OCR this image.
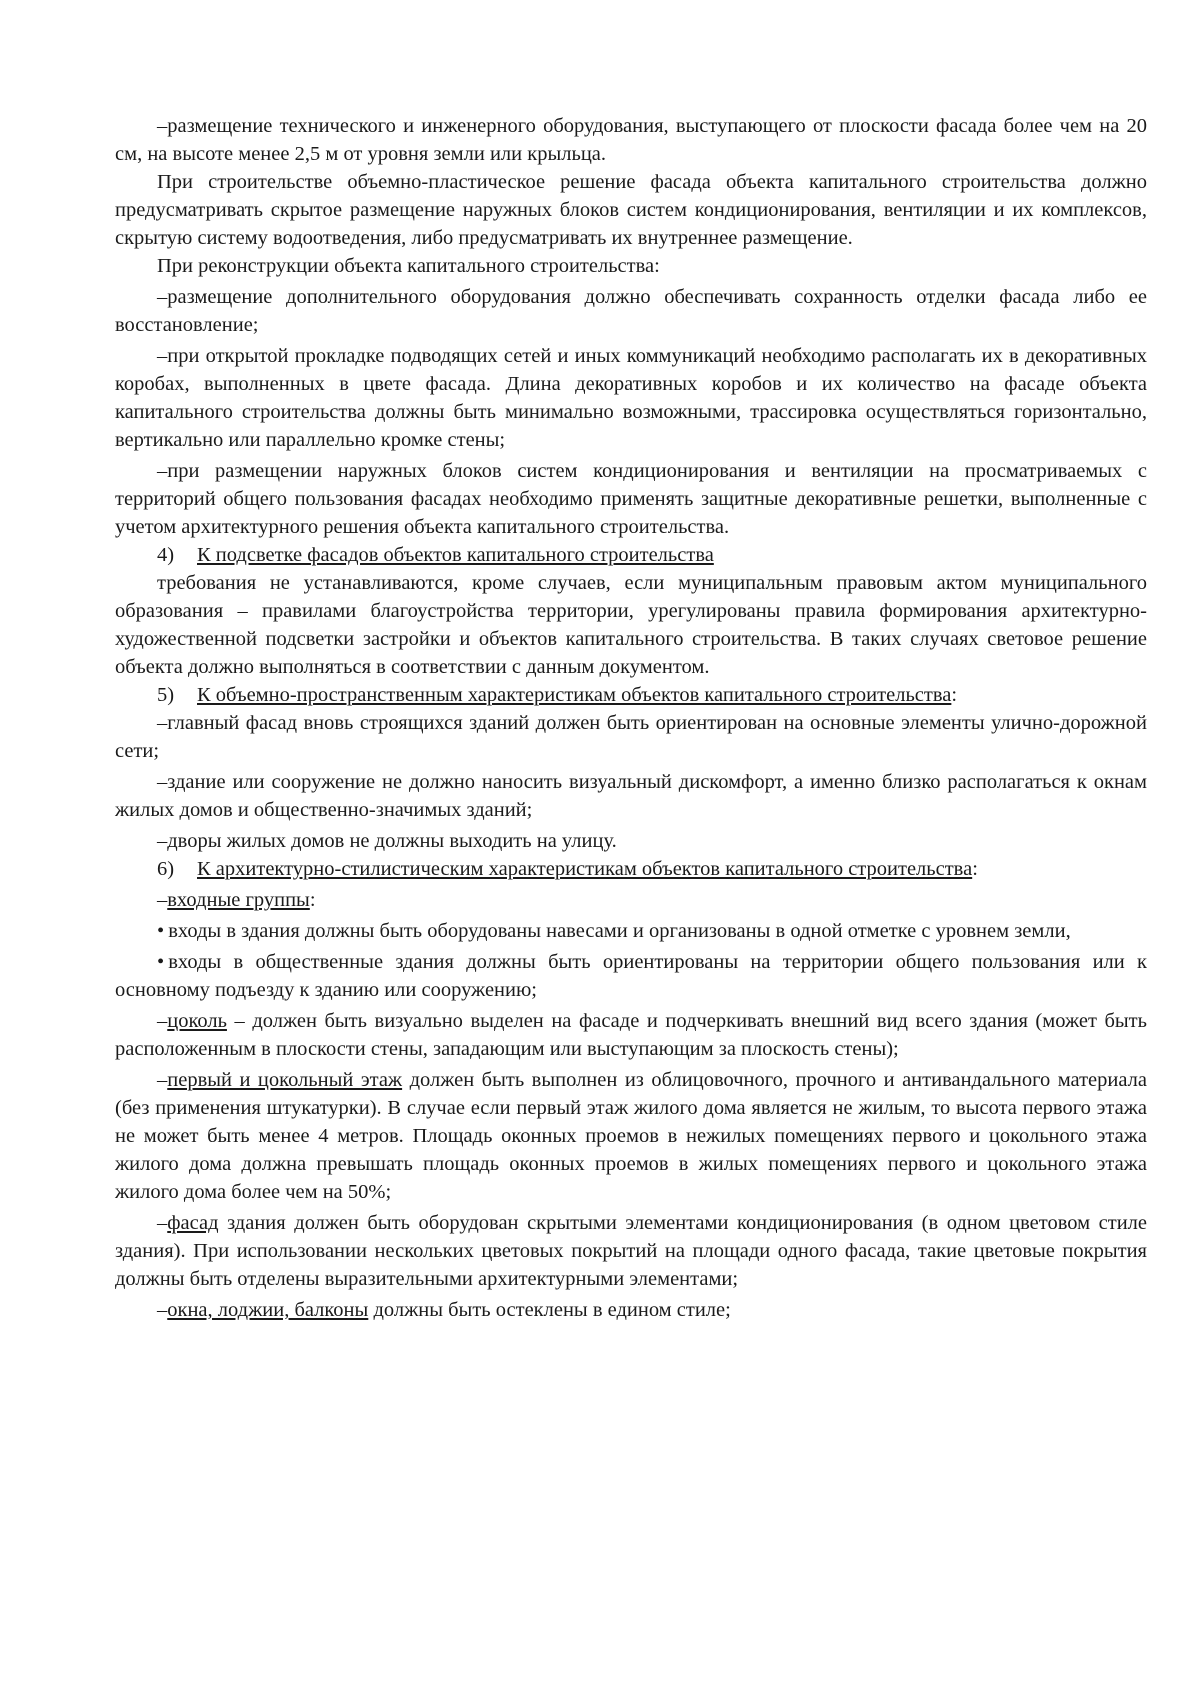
–размещение технического и инженерного оборудования, выступающего от плоскости фасада более чем на 20 см, на высоте менее 2,5 м от уровня земли или крыльца.

При строительстве объемно-пластическое решение фасада объекта капитального строительства должно предусматривать скрытое размещение наружных блоков систем кондиционирования, вентиляции и их комплексов, скрытую систему водоотведения, либо предусматривать их внутреннее размещение.

При реконструкции объекта капитального строительства:

–размещение дополнительного оборудования должно обеспечивать сохранность отделки фасада либо ее восстановление;

–при открытой прокладке подводящих сетей и иных коммуникаций необходимо располагать их в декоративных коробах, выполненных в цвете фасада. Длина декоративных коробов и их количество на фасаде объекта капитального строительства должны быть минимально возможными, трассировка осуществляться горизонтально, вертикально или параллельно кромке стены;

–при размещении наружных блоков систем кондиционирования и вентиляции на просматриваемых с территорий общего пользования фасадах необходимо применять защитные декоративные решетки, выполненные с учетом архитектурного решения объекта капитального строительства.

4) К подсветке фасадов объектов капитального строительства

требования не устанавливаются, кроме случаев, если муниципальным правовым актом муниципального образования – правилами благоустройства территории, урегулированы правила формирования архитектурно-художественной подсветки застройки и объектов капитального строительства. В таких случаях световое решение объекта должно выполняться в соответствии с данным документом.

5) К объемно-пространственным характеристикам объектов капитального строительства:

–главный фасад вновь строящихся зданий должен быть ориентирован на основные элементы улично-дорожной сети;

–здание или сооружение не должно наносить визуальный дискомфорт, а именно близко располагаться к окнам жилых домов и общественно-значимых зданий;

–дворы жилых домов не должны выходить на улицу.

6) К архитектурно-стилистическим характеристикам объектов капитального строительства:

–входные группы:

• входы в здания должны быть оборудованы навесами и организованы в одной отметке с уровнем земли,

• входы в общественные здания должны быть ориентированы на территории общего пользования или к основному подъезду к зданию или сооружению;

–цоколь – должен быть визуально выделен на фасаде и подчеркивать внешний вид всего здания (может быть расположенным в плоскости стены, западающим или выступающим за плоскость стены);

–первый и цокольный этаж должен быть выполнен из облицовочного, прочного и антивандального материала (без применения штукатурки). В случае если первый этаж жилого дома является не жилым, то высота первого этажа не может быть менее 4 метров. Площадь оконных проемов в нежилых помещениях первого и цокольного этажа жилого дома должна превышать площадь оконных проемов в жилых помещениях первого и цокольного этажа жилого дома более чем на 50%;

–фасад здания должен быть оборудован скрытыми элементами кондиционирования (в одном цветовом стиле здания). При использовании нескольких цветовых покрытий на площади одного фасада, такие цветовые покрытия должны быть отделены выразительными архитектурными элементами;

–окна, лоджии, балконы должны быть остеклены в едином стиле;
